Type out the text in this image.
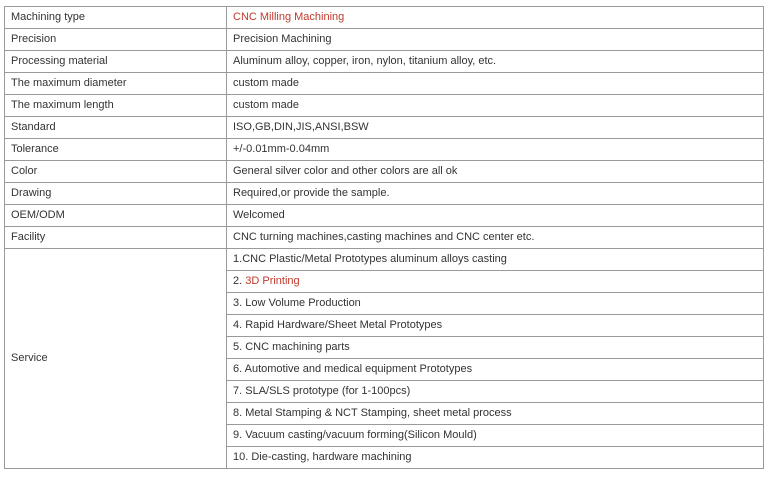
Machining type	CNC Milling Machining
Precision	Precision Machining
Processing material	Aluminum alloy, copper, iron, nylon, titanium alloy, etc.
The maximum diameter	custom made
The maximum length	custom made
Standard	ISO,GB,DIN,JIS,ANSI,BSW
Tolerance	+/-0.01mm-0.04mm
Color	General silver color and other colors are all ok
Drawing	Required,or provide the sample.
OEM/ODM	Welcomed
Facility	CNC turning machines,casting machines and CNC center etc.
Service	1.CNC Plastic/Metal Prototypes aluminum alloys casting
	2. 3D Printing
	3. Low Volume Production
	4. Rapid Hardware/Sheet Metal Prototypes
	5. CNC machining parts
	6. Automotive and medical equipment Prototypes
	7. SLA/SLS prototype (for 1-100pcs)
	8. Metal Stamping & NCT Stamping, sheet metal process
	9. Vacuum casting/vacuum forming(Silicon Mould)
	10. Die-casting, hardware machining
